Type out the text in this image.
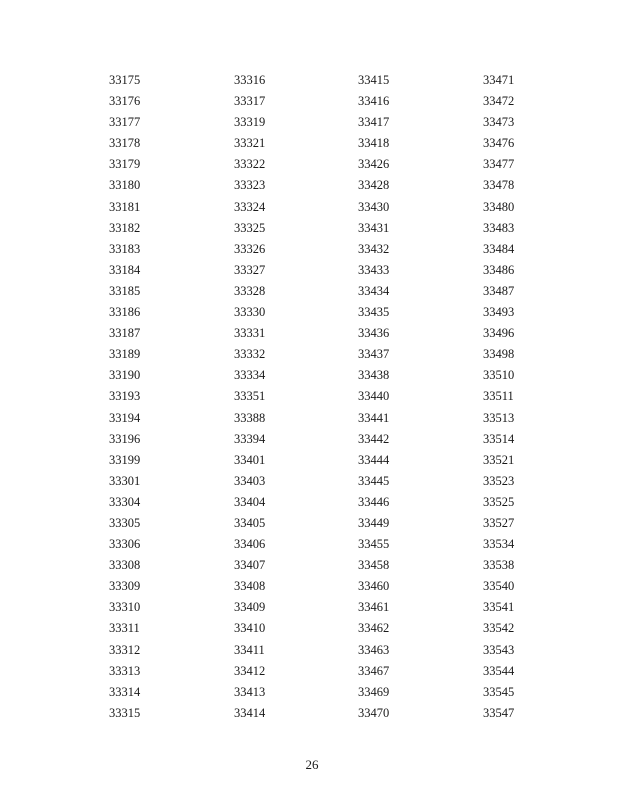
33175
33176
33177
33178
33179
33180
33181
33182
33183
33184
33185
33186
33187
33189
33190
33193
33194
33196
33199
33301
33304
33305
33306
33308
33309
33310
33311
33312
33313
33314
33315
33316
33317
33319
33321
33322
33323
33324
33325
33326
33327
33328
33330
33331
33332
33334
33351
33388
33394
33401
33403
33404
33405
33406
33407
33408
33409
33410
33411
33412
33413
33414
33415
33416
33417
33418
33426
33428
33430
33431
33432
33433
33434
33435
33436
33437
33438
33440
33441
33442
33444
33445
33446
33449
33455
33458
33460
33461
33462
33463
33467
33469
33470
33471
33472
33473
33476
33477
33478
33480
33483
33484
33486
33487
33493
33496
33498
33510
33511
33513
33514
33521
33523
33525
33527
33534
33538
33540
33541
33542
33543
33544
33545
33547
26
